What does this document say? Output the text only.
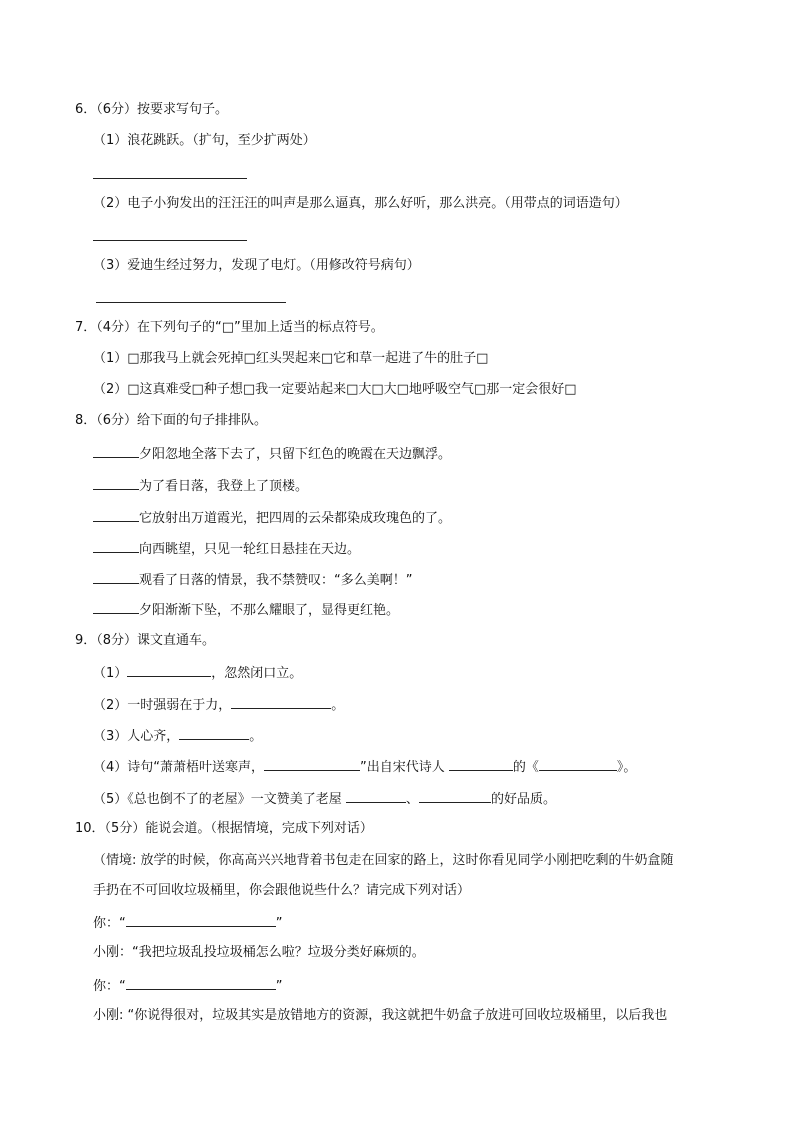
6．（6分）按要求写句子。
（1）浪花跳跃。（扩句，至少扩两处）
（2）电子小狗发出的汪汪汪的叫声是那么逼真，那么好听，那么洪亮。（用带点的词语造句）
（3）爱迪生经过努力，发现了电灯。（用修改符号病句）
7．（4分）在下列句子的“□”里加上适当的标点符号。
（1）□那我马上就会死掉□红头哭起来□它和草一起进了牛的肚子□
（2）□这真难受□种子想□我一定要站起来□大□大□地呼吸空气□那一定会很好□
8．（6分）给下面的句子排排队。
夕阳忽地全落下去了，只留下红色的晚霞在天边飘浮。
为了看日落，我登上了顶楼。
它放射出万道霞光，把四周的云朵都染成玫瑰色的了。
向西眺望，只见一轮红日悬挂在天边。
观看了日落的情景，我不禁赞叹：“多么美啊！”
夕阳渐渐下坠，不那么耀眼了，显得更红艳。
9．（8分）课文直通车。
（1）	，忽然闭口立。
（2）一时强弱在于力，	。
（3）人心齐，	。
（4）诗句“萧萧梧叶送寒声，	”出自宋代诗人	的《	》。
（5）《总也倒不了的老屋》一文赞美了老屋	、	的好品质。
10．（5分）能说会道。（根据情境，完成下列对话）
（情境: 放学的时候，你高高兴兴地背着书包走在回家的路上，这时你看见同学小刚把吃剩的牛奶盒随
手扔在不可回收垃圾桶里，你会跟他说些什么？请完成下列对话）
你：“	”
小刚：“我把垃圾乱投垃圾桶怎么啦？垃圾分类好麻烦的。
你：“	”
小刚: “你说得很对，垃圾其实是放错地方的资源，我这就把牛奶盒子放进可回收垃圾桶里，以后我也
